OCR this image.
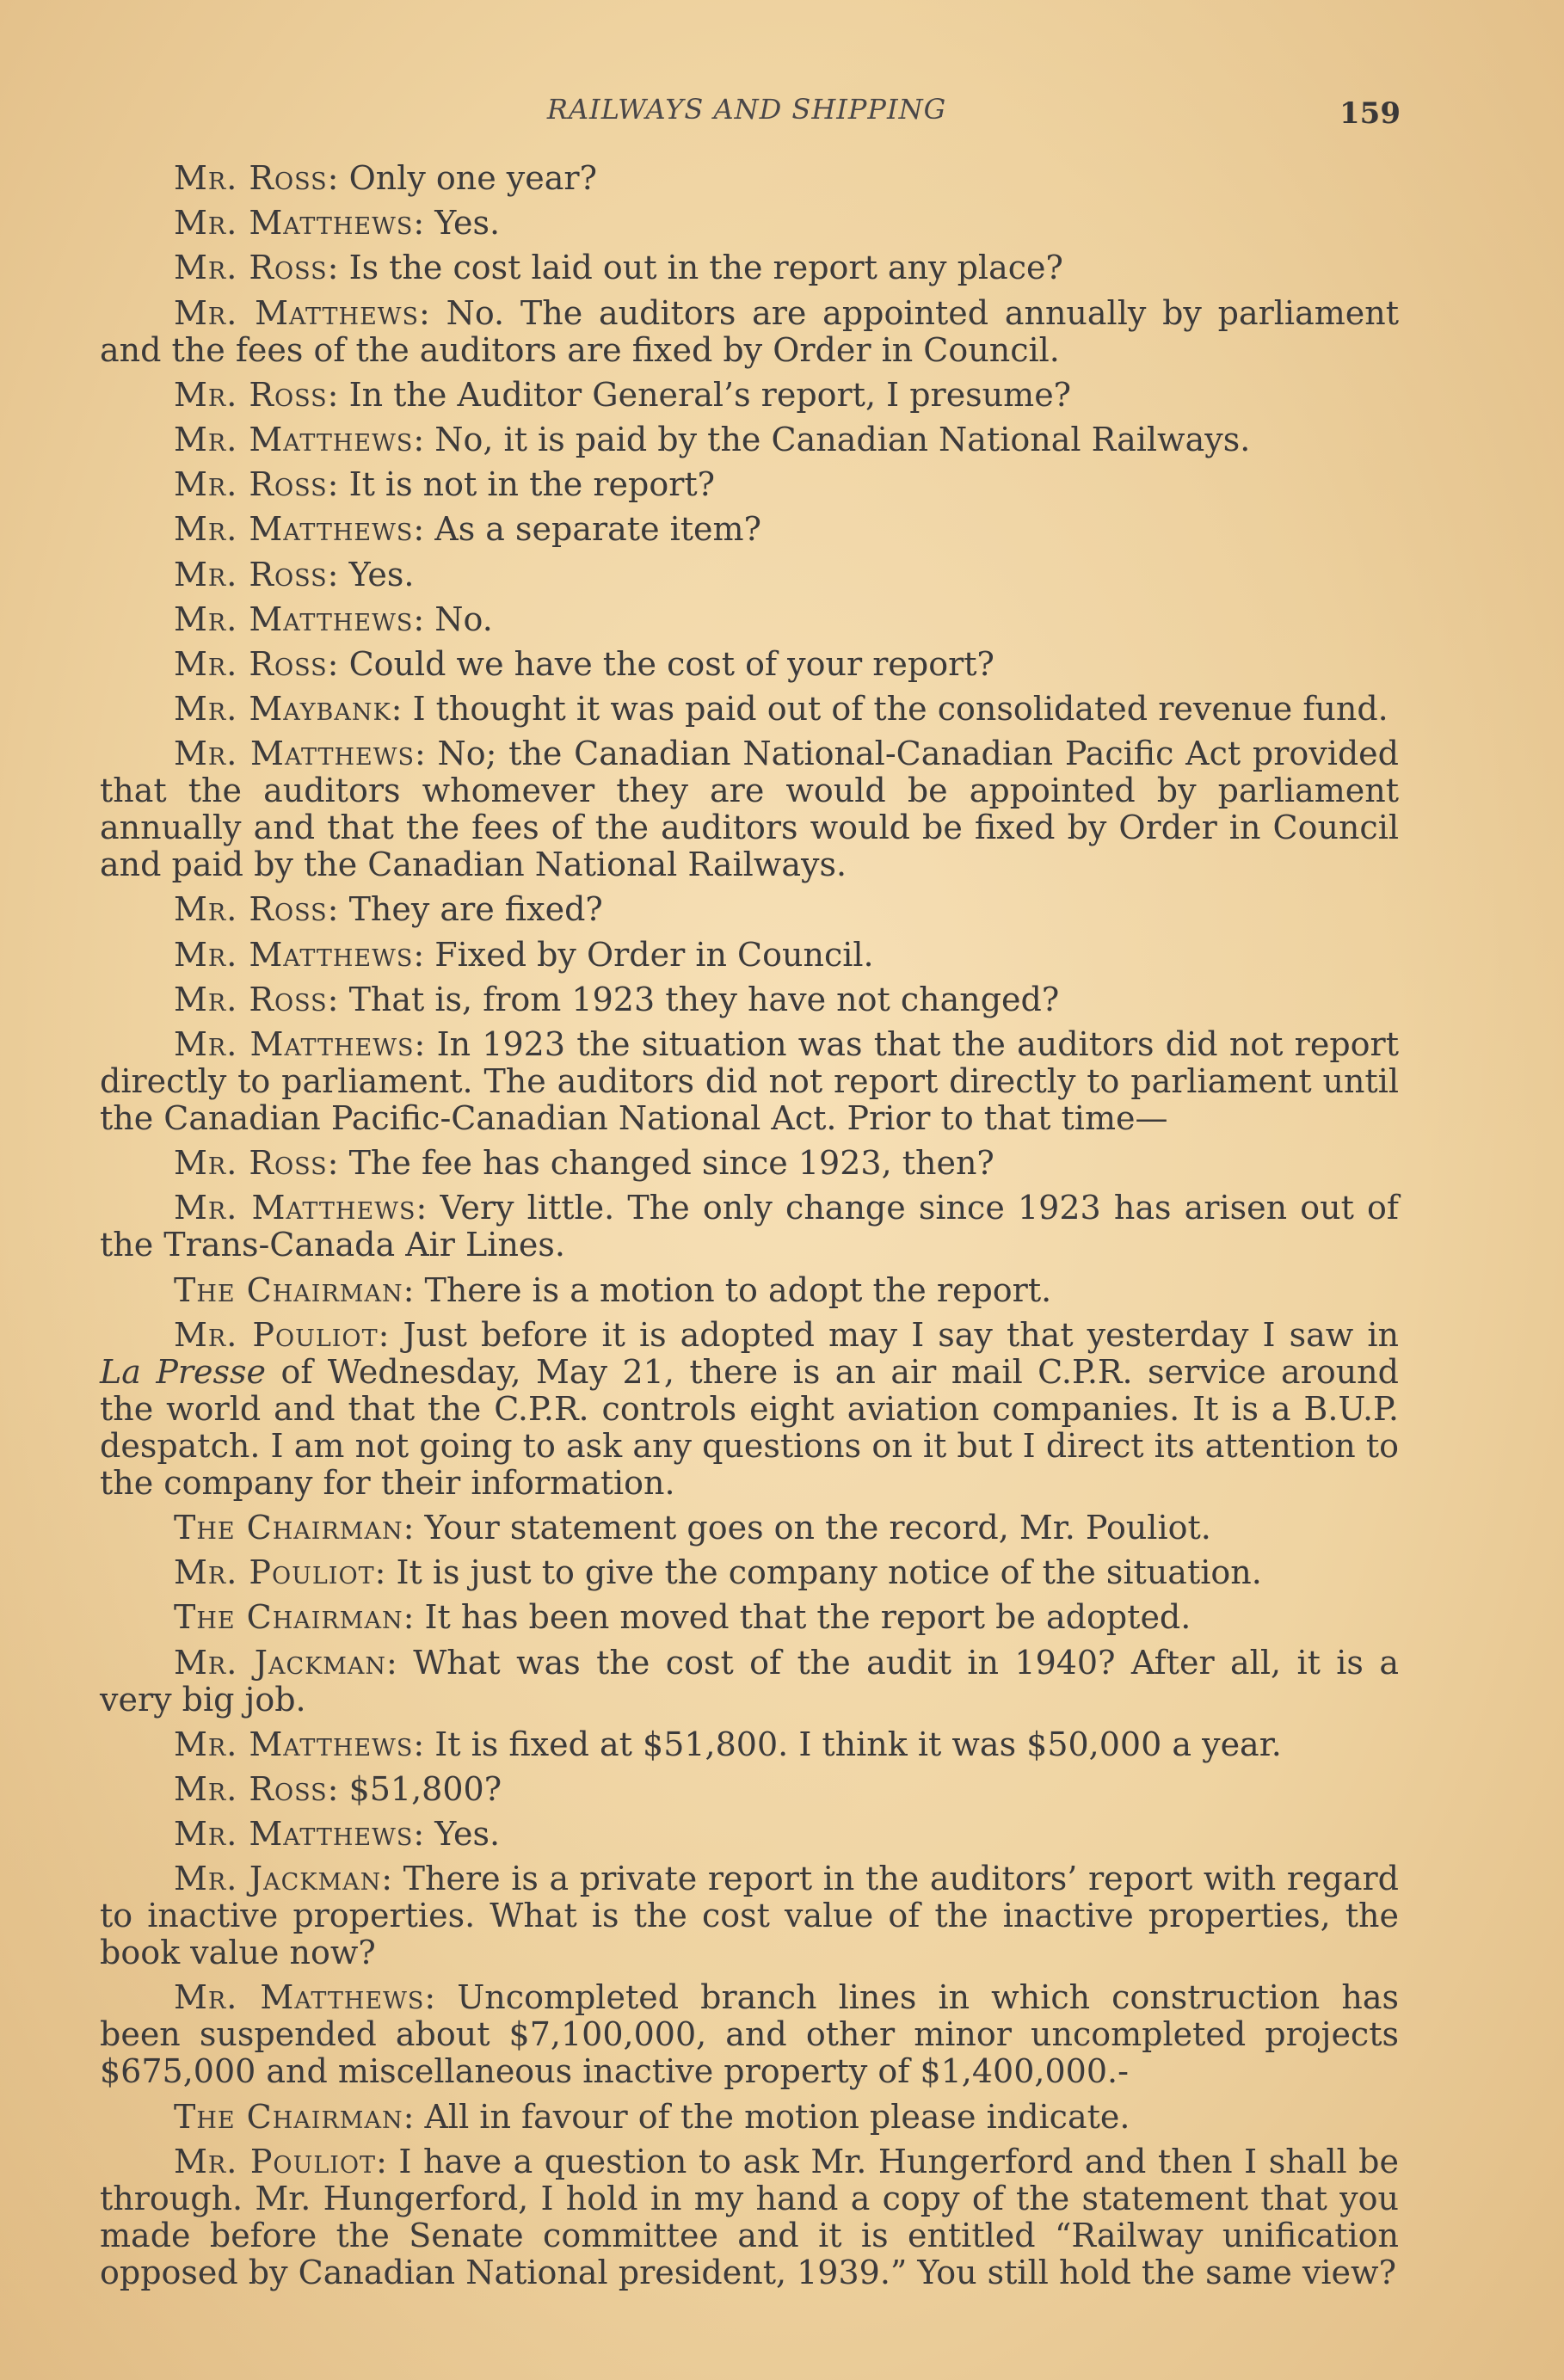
RAILWAYS AND SHIPPING	159

Mr. Ross: Only one year?

Mr. Matthews: Yes.

Mr. Ross: Is the cost laid out in the report any place?

Mr. Matthews: No. The auditors are appointed annually by parliament and the fees of the auditors are fixed by Order in Council.

Mr. Ross: In the Auditor General’s report, I presume?

Mr. Matthews: No, it is paid by the Canadian National Railways.

Mr. Ross: It is not in the report?

Mr. Matthews: As a separate item?

Mr. Ross: Yes.

Mr. Matthews: No.

Mr. Ross: Could we have the cost of your report?

Mr. Maybank: I thought it was paid out of the consolidated revenue fund.

Mr. Matthews: No; the Canadian National-Canadian Pacific Act provided that the auditors whomever they are would be appointed by parliament annually and that the fees of the auditors would be fixed by Order in Council and paid by the Canadian National Railways.

Mr. Ross: They are fixed?

Mr. Matthews: Fixed by Order in Council.

Mr. Ross: That is, from 1923 they have not changed?

Mr. Matthews: In 1923 the situation was that the auditors did not report directly to parliament. The auditors did not report directly to parliament until the Canadian Pacific-Canadian National Act. Prior to that time—

Mr. Ross: The fee has changed since 1923, then?

Mr. Matthews: Very little. The only change since 1923 has arisen out of the Trans-Canada Air Lines.

The Chairman: There is a motion to adopt the report.

Mr. Pouliot: Just before it is adopted may I say that yesterday I saw in La Presse of Wednesday, May 21, there is an air mail C.P.R. service around the world and that the C.P.R. controls eight aviation companies. It is a B.U.P. despatch. I am not going to ask any questions on it but I direct its attention to the company for their information.

The Chairman: Your statement goes on the record, Mr. Pouliot.

Mr. Pouliot: It is just to give the company notice of the situation.

The Chairman: It has been moved that the report be adopted.

Mr. Jackman: What was the cost of the audit in 1940? After all, it is a very big job.

Mr. Matthews: It is fixed at $51,800. I think it was $50,000 a year.

Mr. Ross: $51,800?

Mr. Matthews: Yes.

Mr. Jackman: There is a private report in the auditors’ report with regard to inactive properties. What is the cost value of the inactive properties, the book value now?

Mr. Matthews: Uncompleted branch lines in which construction has been suspended about $7,100,000, and other minor uncompleted projects $675,000 and miscellaneous inactive property of $1,400,000.-

The Chairman: All in favour of the motion please indicate.

Mr. Pouliot: I have a question to ask Mr. Hungerford and then I shall be through. Mr. Hungerford, I hold in my hand a copy of the statement that you made before the Senate committee and it is entitled “Railway unification opposed by Canadian National president, 1939.” You still hold the same view?
